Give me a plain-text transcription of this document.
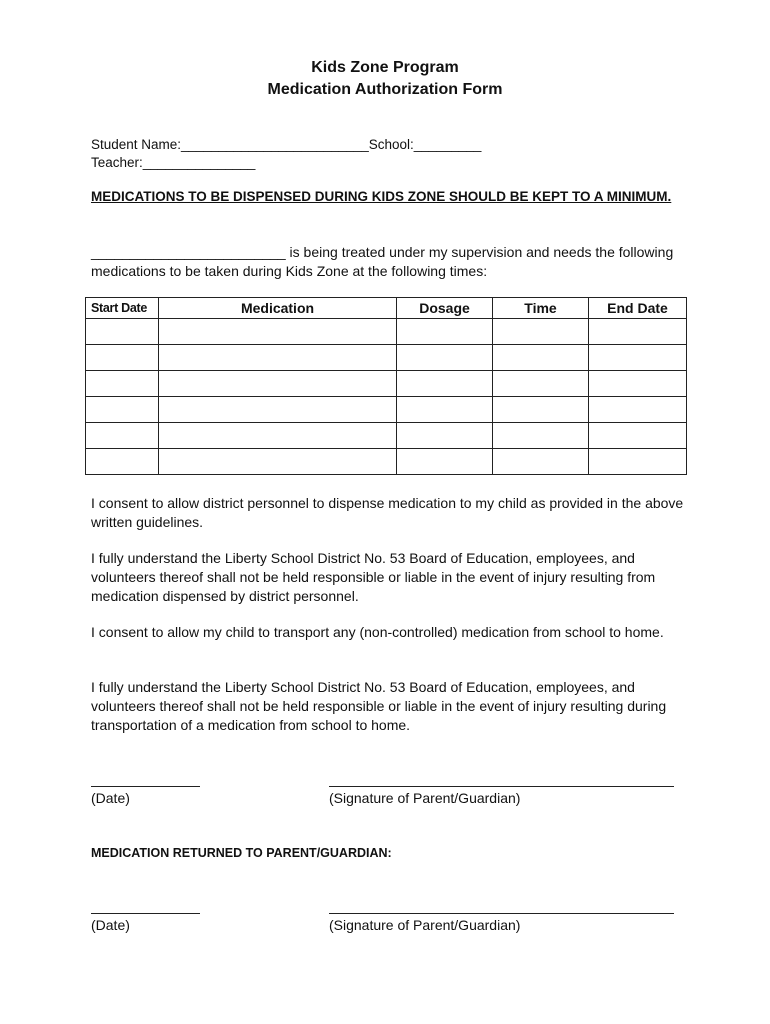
Kids Zone Program

Medication Authorization Form

Student Name:_________________________School:_________
Teacher:_______________
MEDICATIONS TO BE DISPENSED DURING KIDS ZONE SHOULD BE KEPT TO A MINIMUM.
_________________________ is being treated under my supervision and needs the following medications to be taken during Kids Zone at the following times:
Start Date	Medication	Dosage	Time	End Date

I consent to allow district personnel to dispense medication to my child as provided in the above written guidelines.

I fully understand the Liberty School District No. 53 Board of Education, employees, and volunteers thereof shall not be held responsible or liable in the event of injury resulting from medication dispensed by district personnel.

I consent to allow my child to transport any (non-controlled) medication from school to home.

I fully understand the Liberty School District No. 53 Board of Education, employees, and volunteers thereof shall not be held responsible or liable in the event of injury resulting during transportation of a medication from school to home.

(Date)	(Signature of Parent/Guardian)
MEDICATION RETURNED TO PARENT/GUARDIAN:
(Date)	(Signature of Parent/Guardian)
